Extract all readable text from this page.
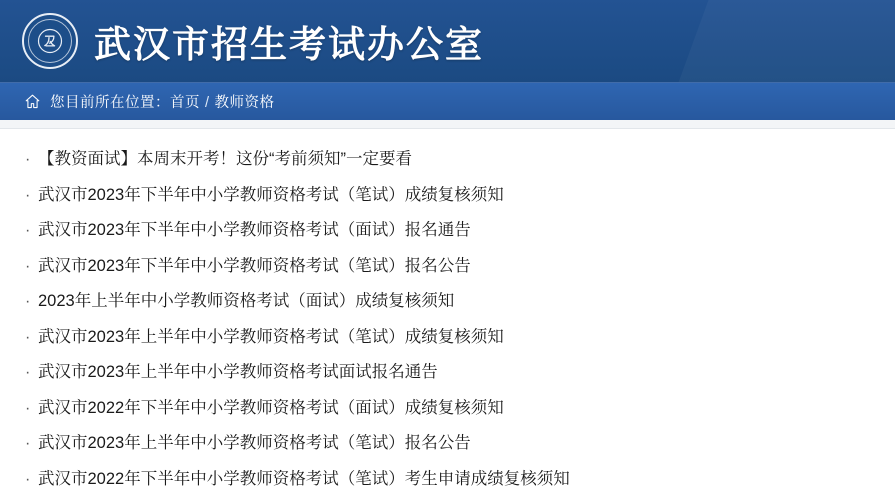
武汉市招生考试办公室
您目前所在位置：首页 / 教师资格
· 【教资面试】本周末开考！这份“考前须知”一定要看
· 武汉市2023年下半年中小学教师资格考试（笔试）成绩复核须知
· 武汉市2023年下半年中小学教师资格考试（面试）报名通告
· 武汉市2023年下半年中小学教师资格考试（笔试）报名公告
· 2023年上半年中小学教师资格考试（面试）成绩复核须知
· 武汉市2023年上半年中小学教师资格考试（笔试）成绩复核须知
· 武汉市2023年上半年中小学教师资格考试面试报名通告
· 武汉市2022年下半年中小学教师资格考试（面试）成绩复核须知
· 武汉市2023年上半年中小学教师资格考试（笔试）报名公告
· 武汉市2022年下半年中小学教师资格考试（笔试）考生申请成绩复核须知
